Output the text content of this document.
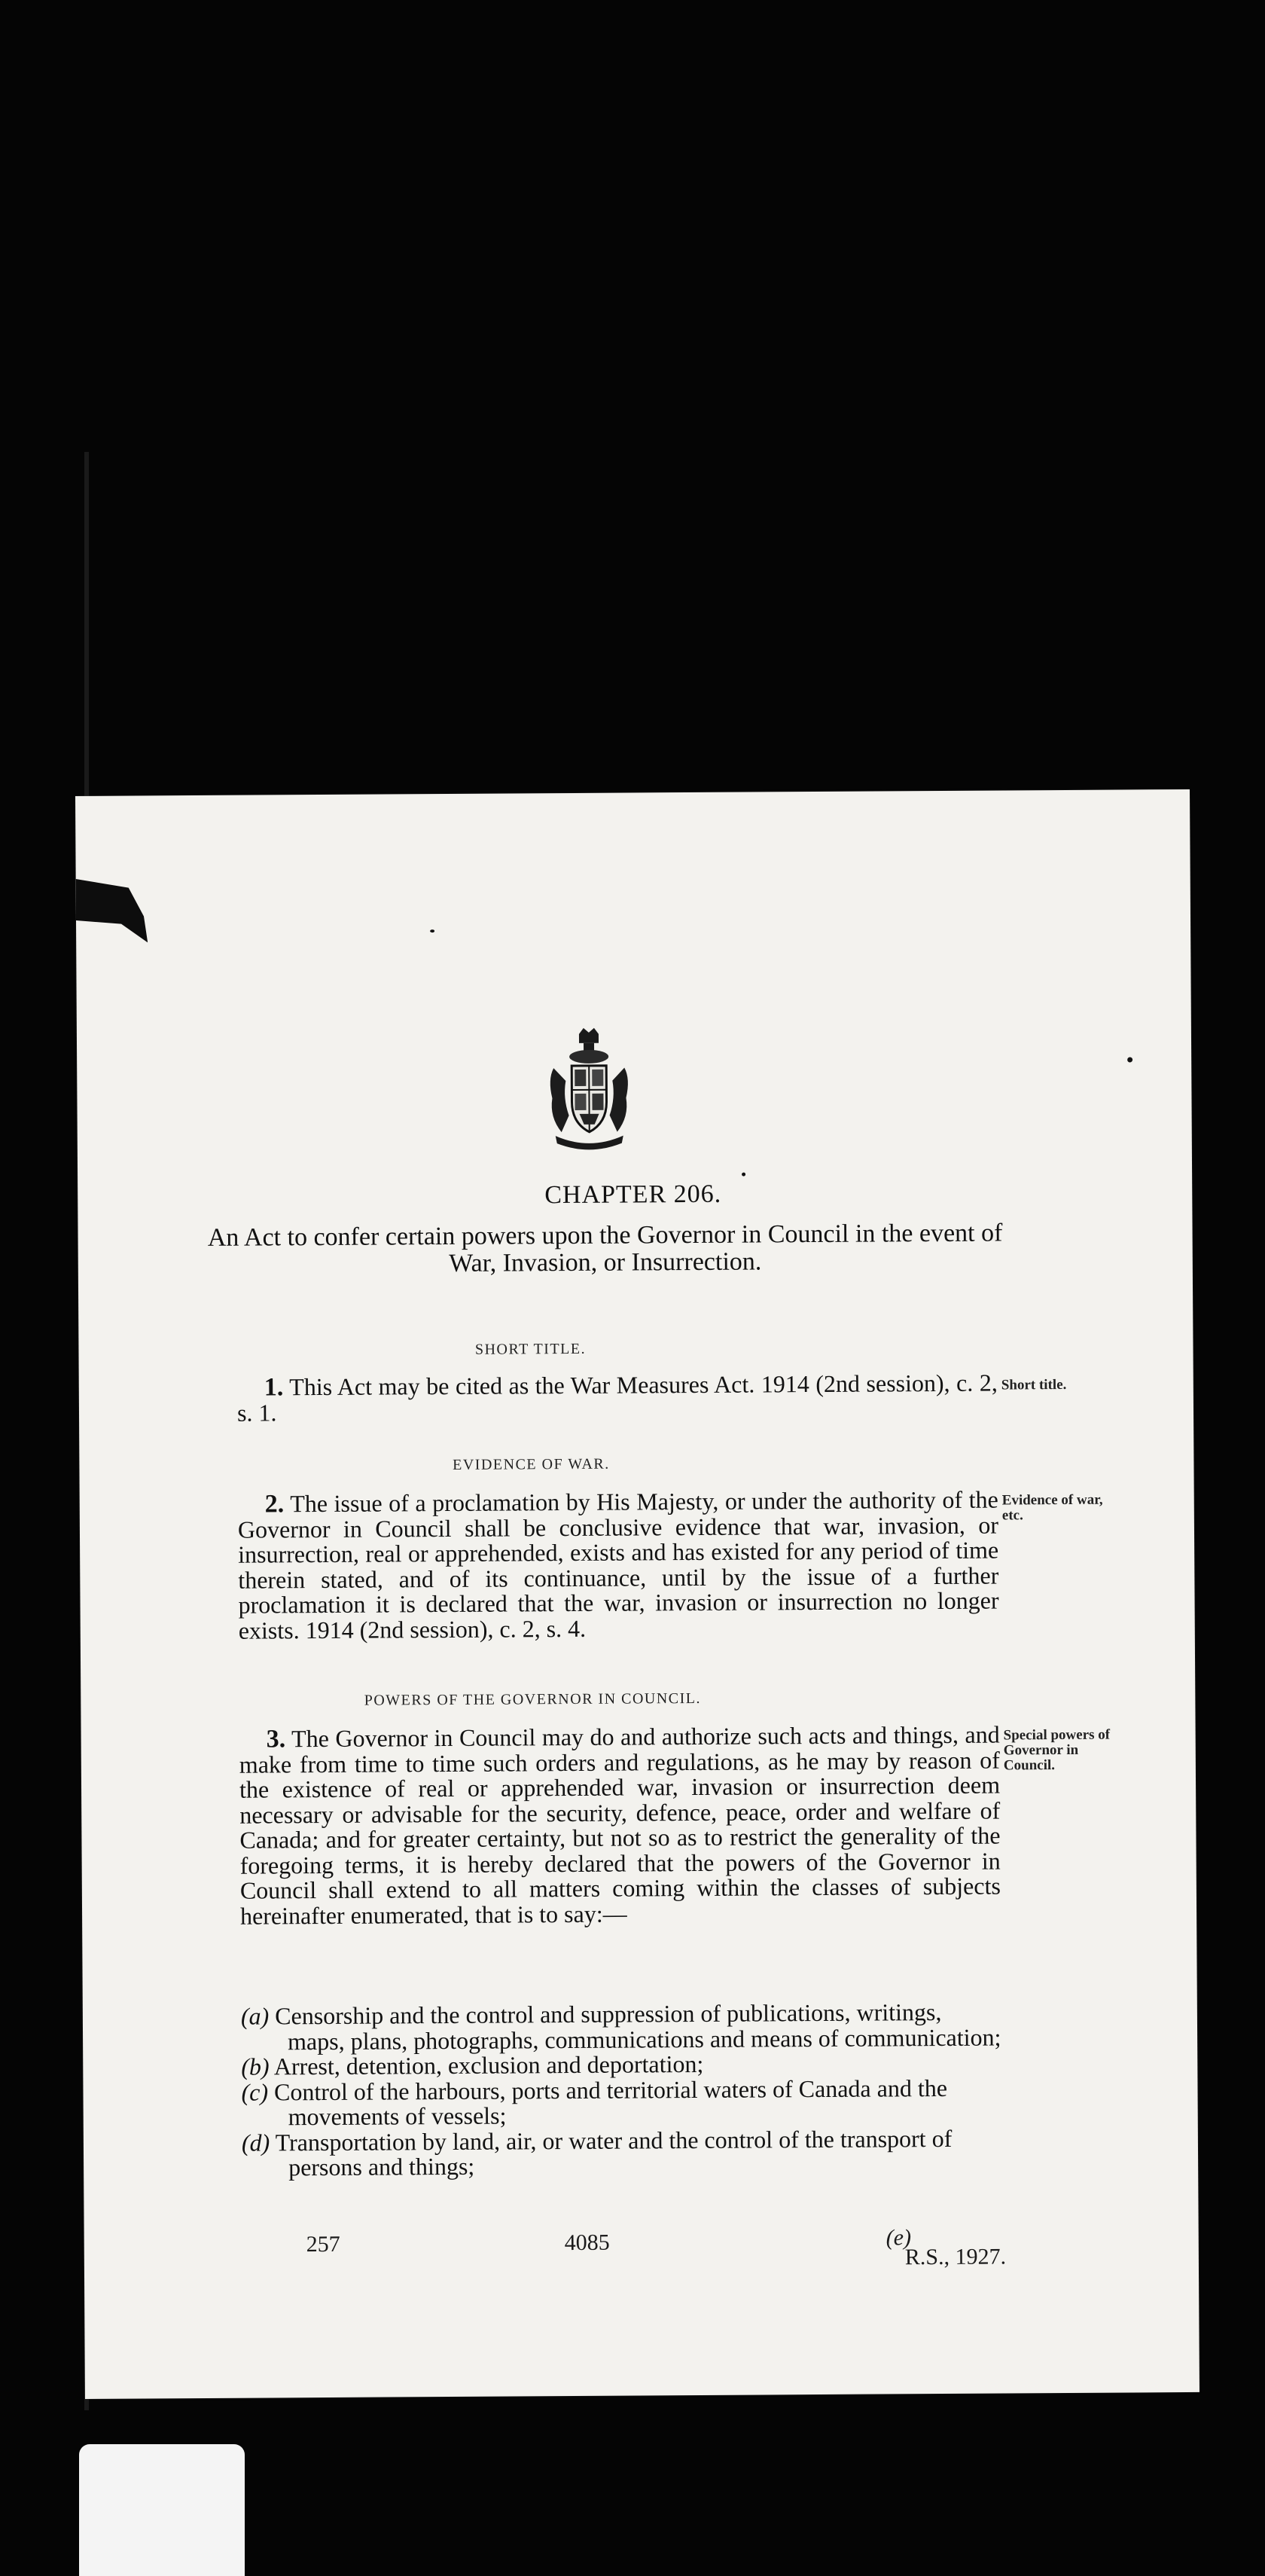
CHAPTER 206.
An Act to confer certain powers upon the Governor in Council in the event of War, Invasion, or Insurrection.
SHORT TITLE.

1. This Act may be cited as the War Measures Act. 1914 (2nd session), c. 2, s. 1.

Short title.
EVIDENCE OF WAR.

2. The issue of a proclamation by His Majesty, or under the authority of the Governor in Council shall be conclusive evidence that war, invasion, or insurrection, real or apprehended, exists and has existed for any period of time therein stated, and of its continuance, until by the issue of a further proclamation it is declared that the war, invasion or insurrection no longer exists. 1914 (2nd session), c. 2, s. 4.

Evidence of war, etc.
POWERS OF THE GOVERNOR IN COUNCIL.

3. The Governor in Council may do and authorize such acts and things, and make from time to time such orders and regulations, as he may by reason of the existence of real or apprehended war, invasion or insurrection deem necessary or advisable for the security, defence, peace, order and welfare of Canada; and for greater certainty, but not so as to restrict the generality of the foregoing terms, it is hereby declared that the powers of the Governor in Council shall extend to all matters coming within the classes of subjects hereinafter enumerated, that is to say:—

Special powers of Governor in Council.

(a) Censorship and the control and suppression of publications, writings, maps, plans, photographs, communications and means of communication;

(b) Arrest, detention, exclusion and deportation;

(c) Control of the harbours, ports and territorial waters of Canada and the movements of vessels;

(d) Transportation by land, air, or water and the control of the transport of persons and things;

257	4085	(e)
R.S., 1927.
